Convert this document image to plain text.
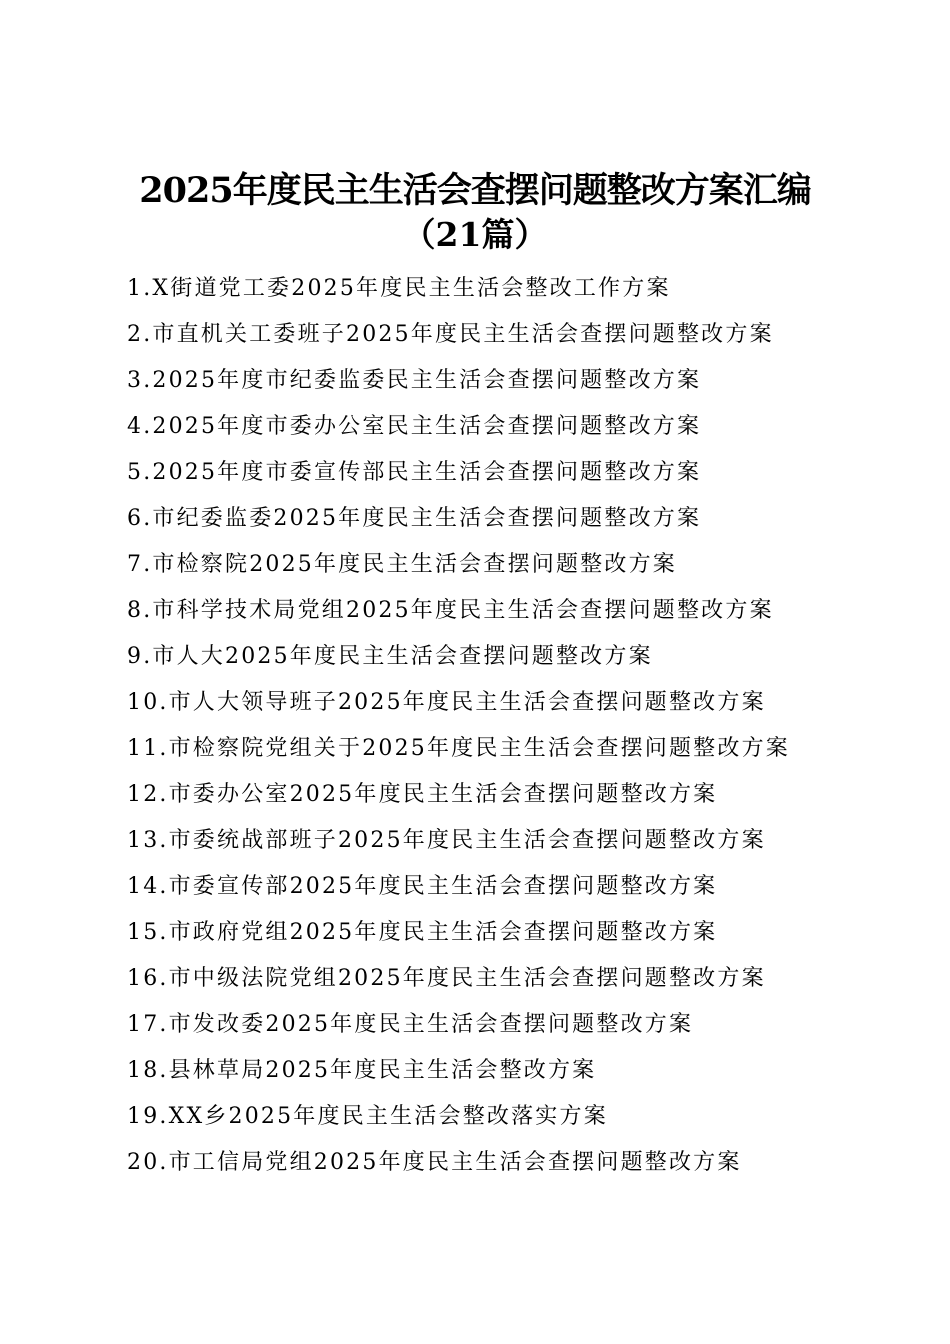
2025年度民主生活会查摆问题整改方案汇编
（21篇）
1.X街道党工委2025年度民主生活会整改工作方案
2.市直机关工委班子2025年度民主生活会查摆问题整改方案
3.2025年度市纪委监委民主生活会查摆问题整改方案
4.2025年度市委办公室民主生活会查摆问题整改方案
5.2025年度市委宣传部民主生活会查摆问题整改方案
6.市纪委监委2025年度民主生活会查摆问题整改方案
7.市检察院2025年度民主生活会查摆问题整改方案
8.市科学技术局党组2025年度民主生活会查摆问题整改方案
9.市人大2025年度民主生活会查摆问题整改方案
10.市人大领导班子2025年度民主生活会查摆问题整改方案
11.市检察院党组关于2025年度民主生活会查摆问题整改方案
12.市委办公室2025年度民主生活会查摆问题整改方案
13.市委统战部班子2025年度民主生活会查摆问题整改方案
14.市委宣传部2025年度民主生活会查摆问题整改方案
15.市政府党组2025年度民主生活会查摆问题整改方案
16.市中级法院党组2025年度民主生活会查摆问题整改方案
17.市发改委2025年度民主生活会查摆问题整改方案
18.县林草局2025年度民主生活会整改方案
19.XX乡2025年度民主生活会整改落实方案
20.市工信局党组2025年度民主生活会查摆问题整改方案
